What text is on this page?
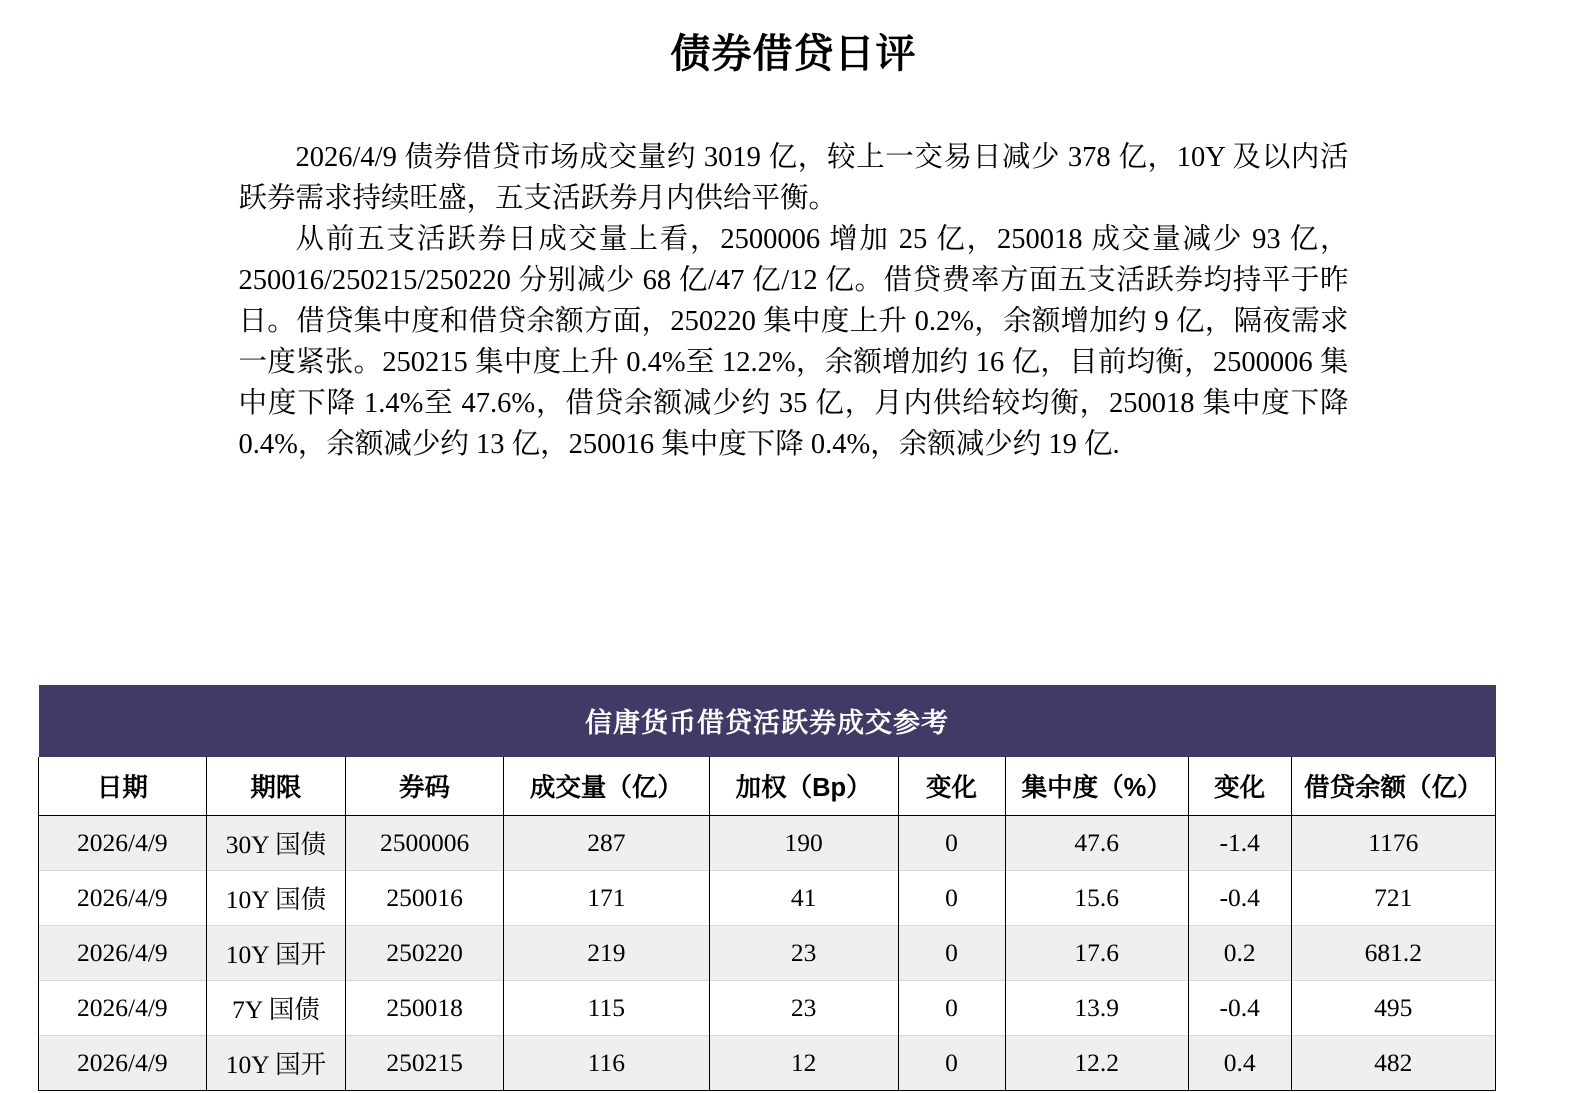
债券借贷日评

2026/4/9 债券借贷市场成交量约 3019 亿，较上一交易日减少 378 亿，10Y 及以内活跃券需求持续旺盛，五支活跃券月内供给平衡。

从前五支活跃券日成交量上看，2500006 增加 25 亿，250018 成交量减少 93 亿，250016/250215/250220 分别减少 68 亿/47 亿/12 亿。借贷费率方面五支活跃券均持平于昨日。借贷集中度和借贷余额方面，250220 集中度上升 0.2%，余额增加约 9 亿，隔夜需求一度紧张。250215 集中度上升 0.4%至 12.2%，余额增加约 16 亿，目前均衡，2500006 集中度下降 1.4%至 47.6%，借贷余额减少约 35 亿，月内供给较均衡，250018 集中度下降 0.4%，余额减少约 13 亿，250016 集中度下降 0.4%，余额减少约 19 亿.

信唐货币借贷活跃券成交参考								
日期	期限	券码	成交量（亿）	加权（Bp）	变化	集中度（%）	变化	借贷余额（亿）
2026/4/9	30Y 国债	2500006	287	190	0	47.6	-1.4	1176
2026/4/9	10Y 国债	250016	171	41	0	15.6	-0.4	721
2026/4/9	10Y 国开	250220	219	23	0	17.6	0.2	681.2
2026/4/9	7Y 国债	250018	115	23	0	13.9	-0.4	495
2026/4/9	10Y 国开	250215	116	12	0	12.2	0.4	482
